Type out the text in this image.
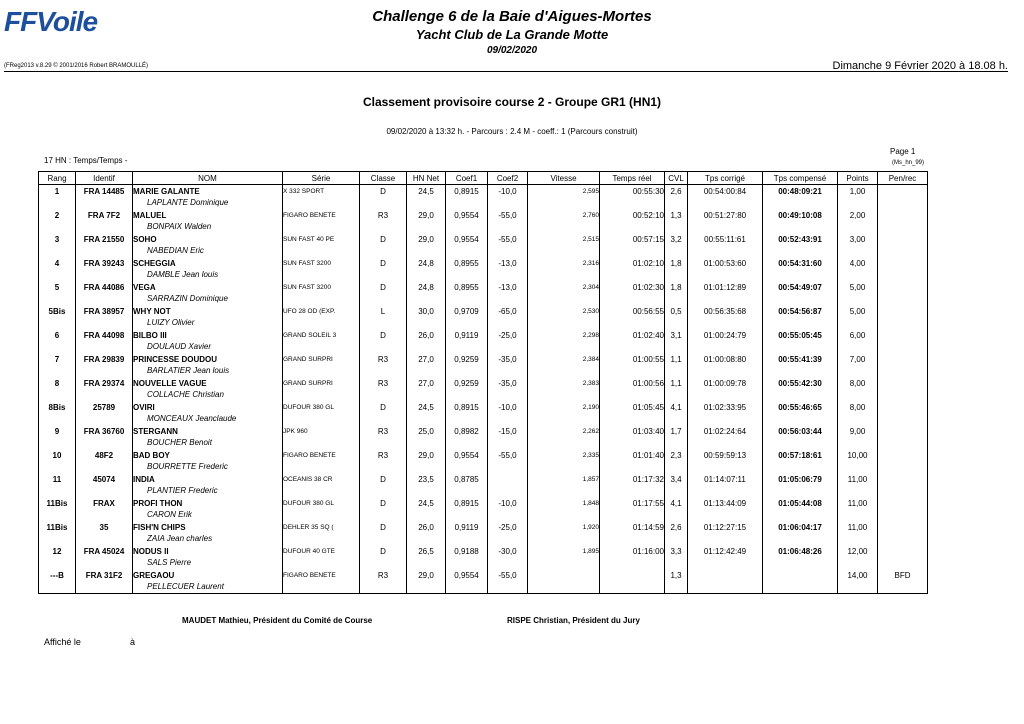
FFVoile	Challenge 6 de la Baie d'Aigues-Mortes
Yacht Club de La Grande Motte
09/02/2020
(FReg2013 v.8.29 © 2001/2016 Robert BRAMOULLÉ)	Dimanche 9 Février 2020 à 18.08 h.
Classement provisoire course 2 - Groupe GR1 (HN1)
09/02/2020 à 13:32 h. - Parcours : 2.4 M - coeff.: 1 (Parcours construit)
17 HN : Temps/Temps -
Page 1
(Ms_hn_99)
Rang	Identif	NOM	Série	Classe	HN Net	Coef1	Coef2	Vitesse	Temps réel	CVL	Tps corrigé	Tps compensé	Points	Pen/rec

1	FRA 14485	MARIE GALANTE
LAPLANTE Dominique	X 332 SPORT	D	24,5	0,8915	-10,0	2,595	00:55:30	2,6	00:54:00:84	00:48:09:21	1,00	

2	FRA 7F2	MALUEL
BONPAIX Walden	FIGARO BENETE	R3	29,0	0,9554	-55,0	2,760	00:52:10	1,3	00:51:27:80	00:49:10:08	2,00	

3	FRA 21550	SOHO
NABEDIAN Eric	SUN FAST 40 PE	D	29,0	0,9554	-55,0	2,515	00:57:15	3,2	00:55:11:61	00:52:43:91	3,00	

4	FRA 39243	SCHEGGIA
DAMBLE Jean louis	SUN FAST 3200	D	24,8	0,8955	-13,0	2,316	01:02:10	1,8	01:00:53:60	00:54:31:60	4,00	

5	FRA 44086	VEGA
SARRAZIN Dominique	SUN FAST 3200	D	24,8	0,8955	-13,0	2,304	01:02:30	1,8	01:01:12:89	00:54:49:07	5,00	

5Bis	FRA 38957	WHY NOT
LUIZY Olivier	UFO 28 OD (EXP.	L	30,0	0,9709	-65,0	2,530	00:56:55	0,5	00:56:35:68	00:54:56:87	5,00	

6	FRA 44098	BILBO III
DOULAUD Xavier	GRAND SOLEIL 3	D	26,0	0,9119	-25,0	2,298	01:02:40	3,1	01:00:24:79	00:55:05:45	6,00	

7	FRA 29839	PRINCESSE DOUDOU
BARLATIER Jean louis	GRAND SURPRI	R3	27,0	0,9259	-35,0	2,384	01:00:55	1,1	01:00:08:80	00:55:41:39	7,00	

8	FRA 29374	NOUVELLE VAGUE
COLLACHE Christian	GRAND SURPRI	R3	27,0	0,9259	-35,0	2,383	01:00:56	1,1	01:00:09:78	00:55:42:30	8,00	

8Bis	25789	OVIRI
MONCEAUX Jeanclaude	DUFOUR 380 GL	D	24,5	0,8915	-10,0	2,190	01:05:45	4,1	01:02:33:95	00:55:46:65	8,00	

9	FRA 36760	STERGANN
BOUCHER Benoit	JPK 960	R3	25,0	0,8982	-15,0	2,262	01:03:40	1,7	01:02:24:64	00:56:03:44	9,00	

10	48F2	BAD BOY
BOURRETTE Frederic	FIGARO BENETE	R3	29,0	0,9554	-55,0	2,335	01:01:40	2,3	00:59:59:13	00:57:18:61	10,00	

11	45074	INDIA
PLANTIER Frederic	OCEANIS 38 CR	D	23,5	0,8785		1,857	01:17:32	3,4	01:14:07:11	01:05:06:79	11,00	

11Bis	FRAX	PROFI THON
CARON Erik	DUFOUR 380 GL	D	24,5	0,8915	-10,0	1,848	01:17:55	4,1	01:13:44:09	01:05:44:08	11,00	

11Bis	35	FISH'N CHIPS
ZAIA Jean charles	DEHLER 35 SQ (	D	26,0	0,9119	-25,0	1,920	01:14:59	2,6	01:12:27:15	01:06:04:17	11,00	

12	FRA 45024	NODUS II
SALS Pierre	DUFOUR 40 GTE	D	26,5	0,9188	-30,0	1,895	01:16:00	3,3	01:12:42:49	01:06:48:26	12,00	

---B	FRA 31F2	GREGAOU
PELLECUER Laurent	FIGARO BENETE	R3	29,0	0,9554	-55,0			1,3			14,00	BFD
MAUDET Mathieu, Président du Comité de Course	RISPE Christian, Président du Jury
Affiché le	à
